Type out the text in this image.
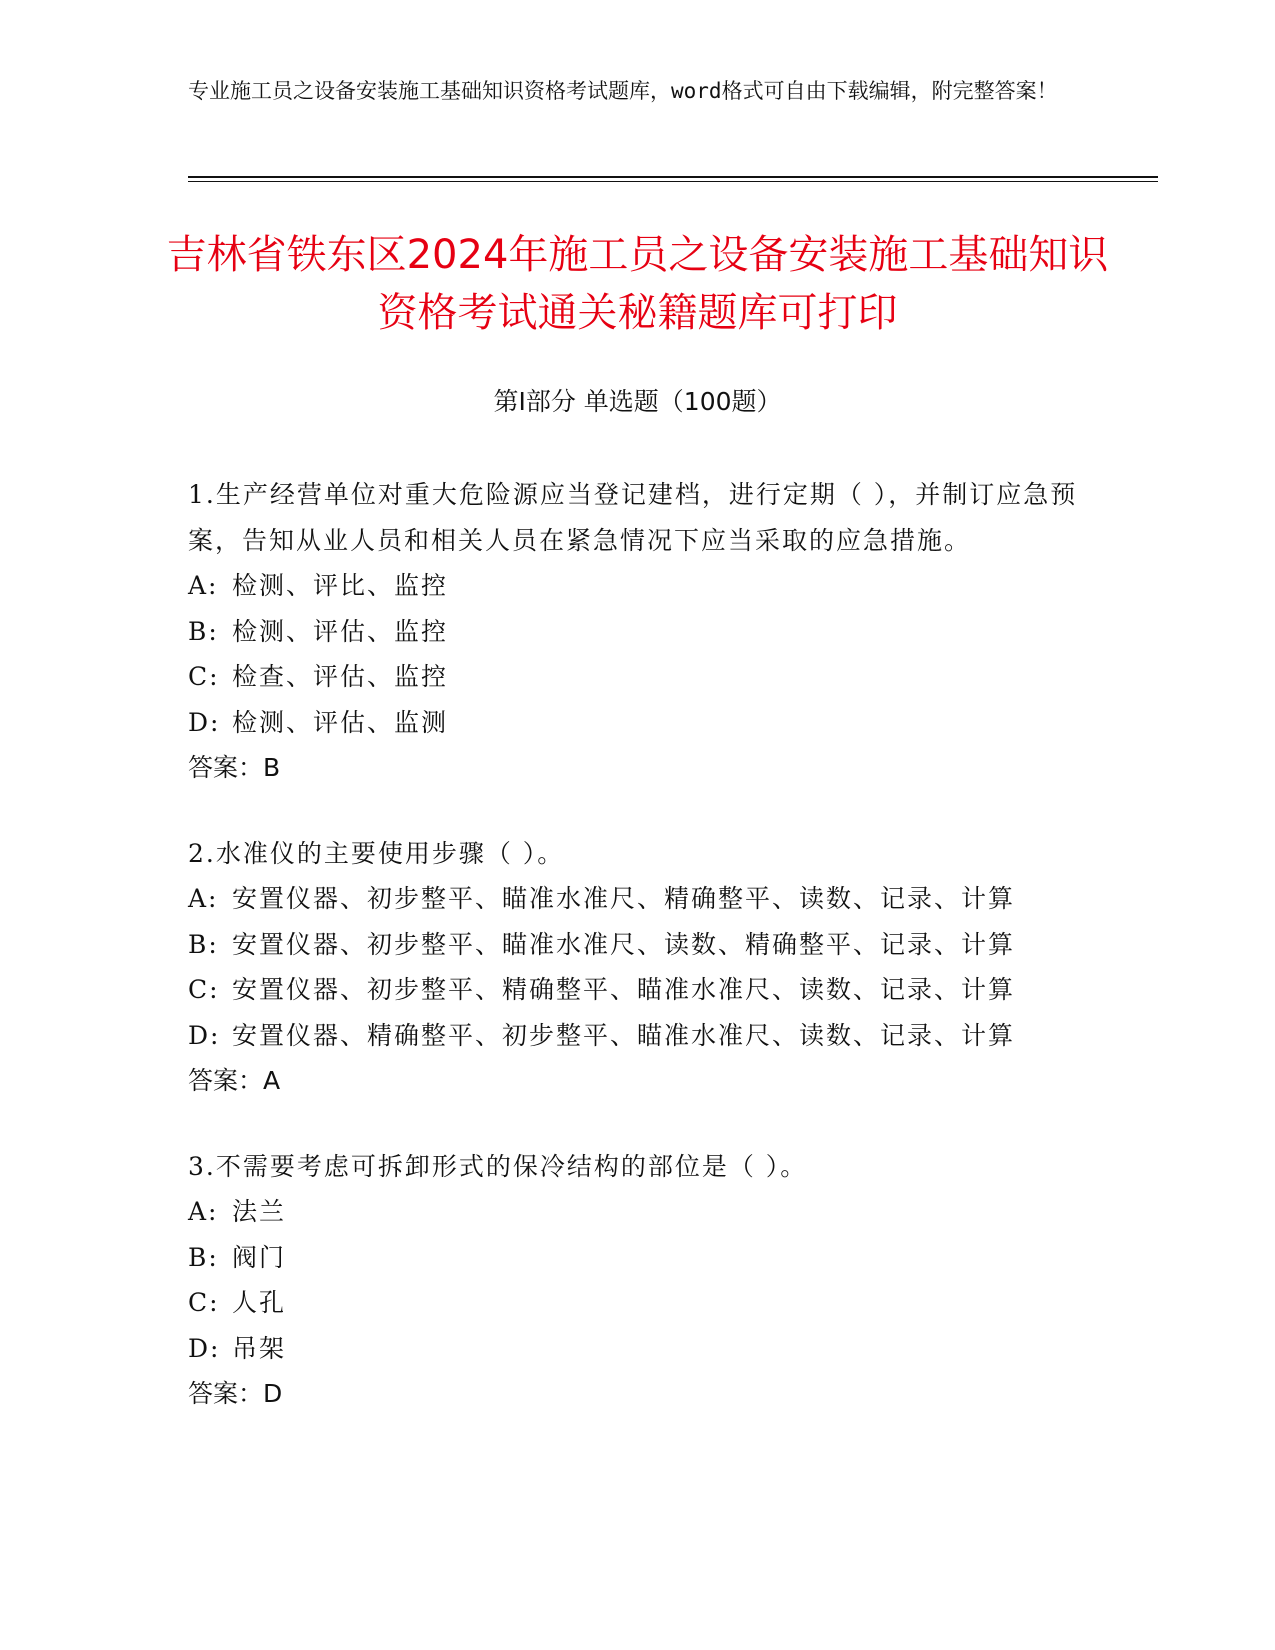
专业施工员之设备安装施工基础知识资格考试题库，word格式可自由下载编辑，附完整答案！
吉林省铁东区2024年施工员之设备安装施工基础知识资格考试通关秘籍题库可打印
第Ⅰ部分 单选题（100题）
1.生产经营单位对重大危险源应当登记建档，进行定期（ ），并制订应急预案，告知从业人员和相关人员在紧急情况下应当采取的应急措施。
A: 检测、评比、监控
B: 检测、评估、监控
C: 检查、评估、监控
D: 检测、评估、监测
答案：B
2.水准仪的主要使用步骤（ ）。
A: 安置仪器、初步整平、瞄准水准尺、精确整平、读数、记录、计算
B: 安置仪器、初步整平、瞄准水准尺、读数、精确整平、记录、计算
C: 安置仪器、初步整平、精确整平、瞄准水准尺、读数、记录、计算
D: 安置仪器、精确整平、初步整平、瞄准水准尺、读数、记录、计算
答案：A
3.不需要考虑可拆卸形式的保冷结构的部位是（ ）。
A: 法兰
B: 阀门
C: 人孔
D: 吊架
答案：D
